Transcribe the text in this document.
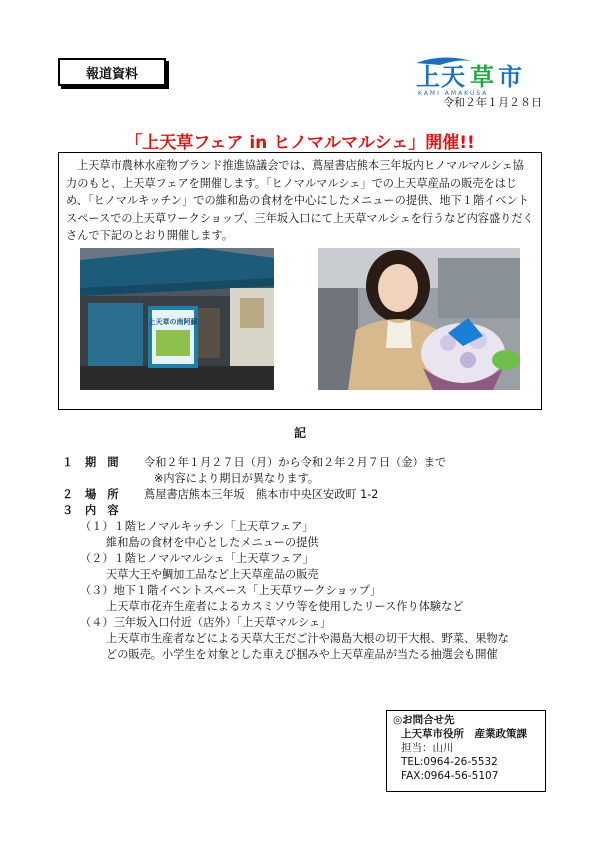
報道資料	上天 草 市
KAMI AMAKUSA
令和２年１月２８日
「上天草フェア in ヒノマルマルシェ」開催!!
上天草市農林水産物ブランド推進協議会では、蔦屋書店熊本三年坂内ヒノマルマルシェ協力のもと、上天草フェアを開催します。「ヒノマルマルシェ」での上天草産品の販売をはじめ、「ヒノマルキッチン」での維和島の食材を中心にしたメニューの提供、地下１階イベントスペースでの上天草ワークショップ、三年坂入口にて上天草マルシェを行うなど内容盛りだくさんで下記のとおり開催します。
上天草の南阿蘇
記
１ 期　間 令和２年１月２７日（月）から令和２年２月７日（金）まで
※内容により期日が異なります。
２ 場　所 蔦屋書店熊本三年坂　熊本市中央区安政町 1-2
３ 内　容
（１）１階ヒノマルキッチン「上天草フェア」
維和島の食材を中心としたメニューの提供
（２）１階ヒノマルマルシェ「上天草フェア」
天草大王や鯛加工品など上天草産品の販売
（３）地下１階イベントスペース「上天草ワークショップ」
上天草市花卉生産者によるカスミソウ等を使用したリース作り体験など
（４）三年坂入口付近（店外）「上天草マルシェ」
上天草市生産者などによる天草大王だご汁や湯島大根の切干大根、野菜、果物な
どの販売。小学生を対象とした車えび掴みや上天草産品が当たる抽選会も開催
◎お問合せ先
上天草市役所　産業政策課
担当：山川
TEL:0964-26-5532
FAX:0964-56-5107
